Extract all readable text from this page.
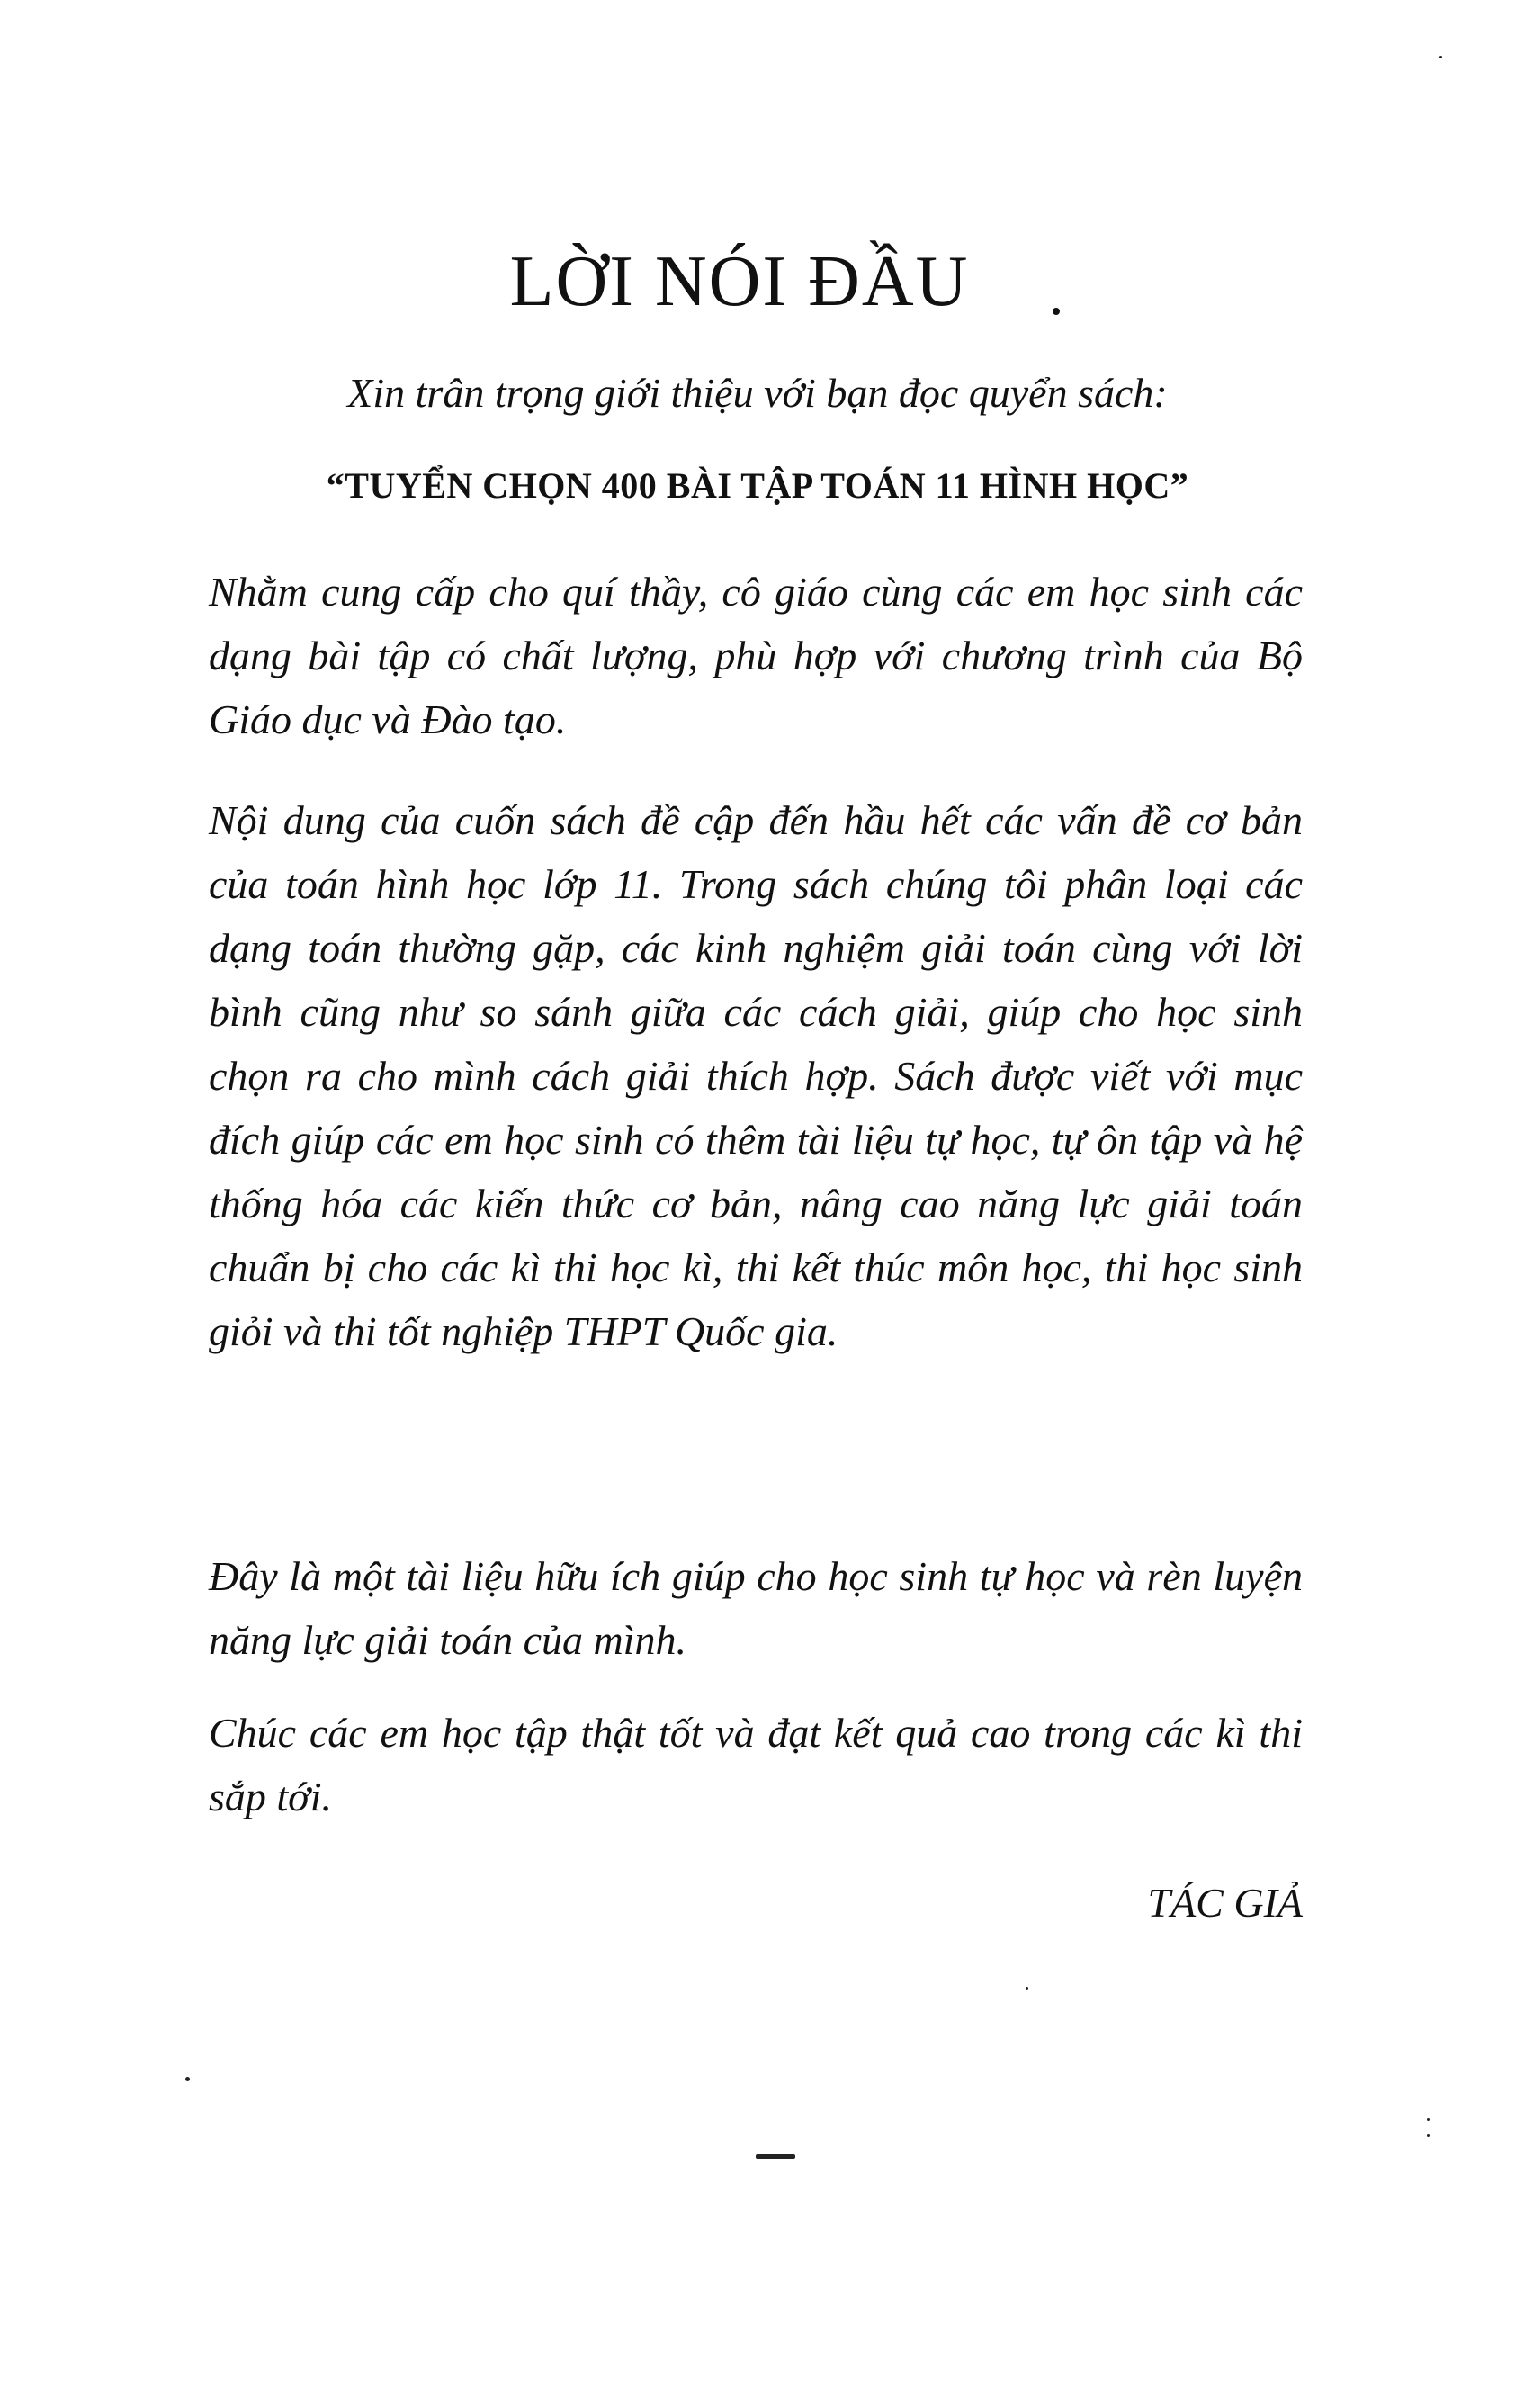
LỜI NÓI ĐẦU

Xin trân trọng giới thiệu với bạn đọc quyển sách:

“TUYỂN CHỌN 400 BÀI TẬP TOÁN 11 HÌNH HỌC”

Nhằm cung cấp cho quí thầy, cô giáo cùng các em học sinh các dạng bài tập có chất lượng, phù hợp với chương trình của Bộ Giáo dục và Đào tạo.

Nội dung của cuốn sách đề cập đến hầu hết các vấn đề cơ bản của toán hình học lớp 11. Trong sách chúng tôi phân loại các dạng toán thường gặp, các kinh nghiệm giải toán cùng với lời bình cũng như so sánh giữa các cách giải, giúp cho học sinh chọn ra cho mình cách giải thích hợp. Sách được viết với mục đích giúp các em học sinh có thêm tài liệu tự học, tự ôn tập và hệ thống hóa các kiến thức cơ bản, nâng cao năng lực giải toán chuẩn bị cho các kì thi học kì, thi kết thúc môn học, thi học sinh giỏi và thi tốt nghiệp THPT Quốc gia.

Đây là một tài liệu hữu ích giúp cho học sinh tự học và rèn luyện năng lực giải toán của mình.

Chúc các em học tập thật tốt và đạt kết quả cao trong các kì thi sắp tới.

TÁC GIẢ
